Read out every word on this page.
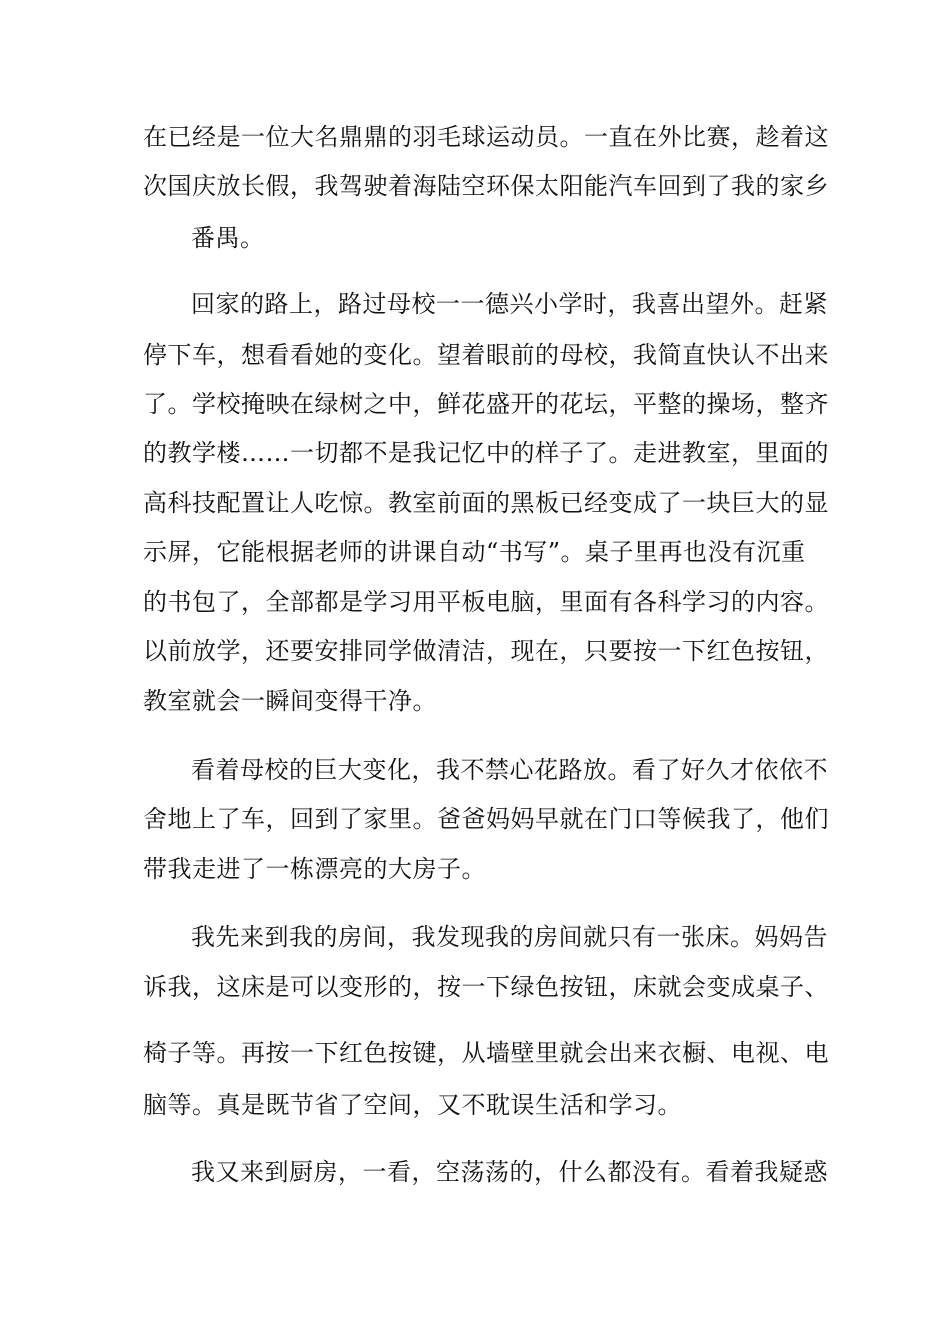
在已经是一位大名鼎鼎的羽毛球运动员。一直在外比赛，趁着这
次国庆放长假，我驾驶着海陆空环保太阳能汽车回到了我的家乡
番禺。
回家的路上，路过母校一一德兴小学时，我喜出望外。赶紧
停下车，想看看她的变化。望着眼前的母校，我简直快认不出来
了。学校掩映在绿树之中，鲜花盛开的花坛，平整的操场，整齐
的教学楼……一切都不是我记忆中的样子了。走进教室，里面的
高科技配置让人吃惊。教室前面的黑板已经变成了一块巨大的显
示屏，它能根据老师的讲课自动“书写”。桌子里再也没有沉重
的书包了，全部都是学习用平板电脑，里面有各科学习的内容。
以前放学，还要安排同学做清洁，现在，只要按一下红色按钮，
教室就会一瞬间变得干净。
看着母校的巨大变化，我不禁心花路放。看了好久才依依不
舍地上了车，回到了家里。爸爸妈妈早就在门口等候我了，他们
带我走进了一栋漂亮的大房子。
我先来到我的房间，我发现我的房间就只有一张床。妈妈告
诉我，这床是可以变形的，按一下绿色按钮，床就会变成桌子、
椅子等。再按一下红色按键，从墙壁里就会出来衣橱、电视、电
脑等。真是既节省了空间，又不耽误生活和学习。
我又来到厨房，一看，空荡荡的，什么都没有。看着我疑惑
